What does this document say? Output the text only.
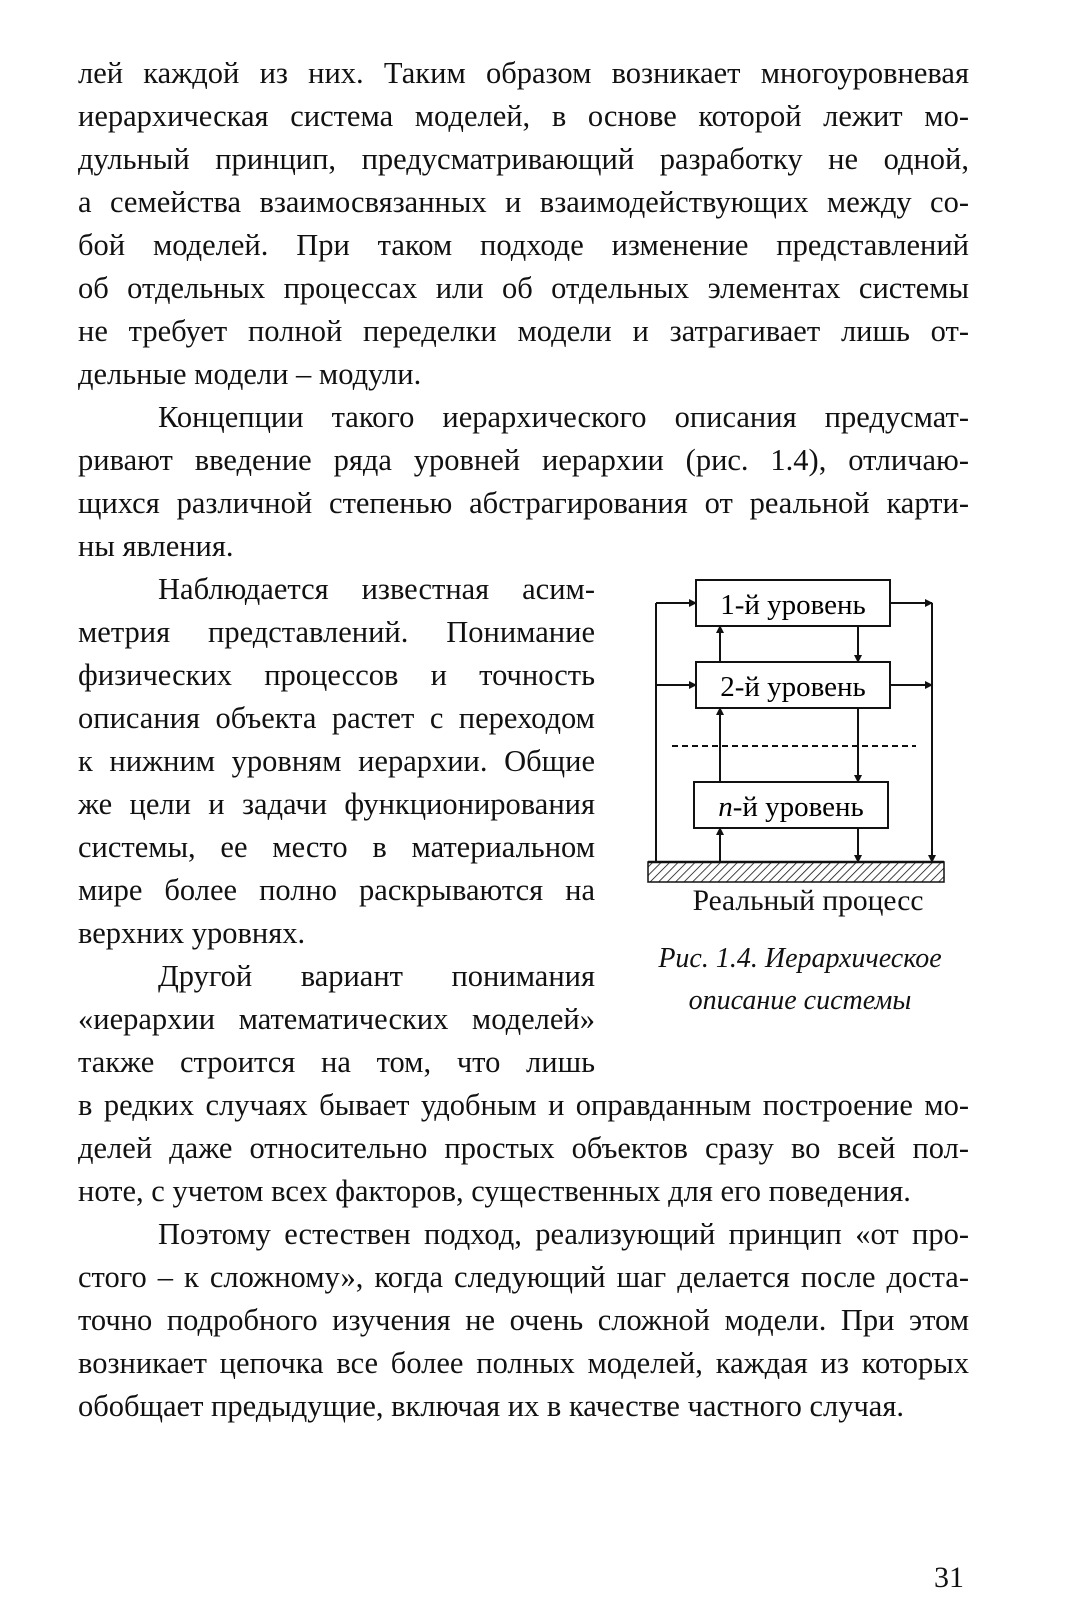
лей каждой из них. Таким образом возникает многоуровневая
иерархическая система моделей, в основе которой лежит мо-
дульный принцип, предусматривающий разработку не одной,
а семейства взаимосвязанных и взаимодействующих между со-
бой моделей. При таком подходе изменение представлений
об отдельных процессах или об отдельных элементах системы
не требует полной переделки модели и затрагивает лишь от-
дельные модели – модули.
Концепции такого иерархического описания предусмат-
ривают введение ряда уровней иерархии (рис. 1.4), отличаю-
щихся различной степенью абстрагирования от реальной карти-
ны явления.
Наблюдается известная асим-
метрия представлений. Понимание
физических процессов и точность
описания объекта растет с переходом
к нижним уровням иерархии. Общие
же цели и задачи функционирования
системы, ее место в материальном
мире более полно раскрываются на
верхних уровнях.
Другой вариант понимания
«иерархии математических моделей»
также строится на том, что лишь
в редких случаях бывает удобным и оправданным построение мо-
делей даже относительно простых объектов сразу во всей пол-
ноте, с учетом всех факторов, существенных для его поведения.
Поэтому естествен подход, реализующий принцип «от про-
стого – к сложному», когда следующий шаг делается после доста-
точно подробного изучения не очень сложной модели. При этом
возникает цепочка все более полных моделей, каждая из которых
обобщает предыдущие, включая их в качестве частного случая.
1-й уровень
2-й уровень
n-й уровень
Реальный процесс
Рис. 1.4. Иерархическое
описание системы
31
